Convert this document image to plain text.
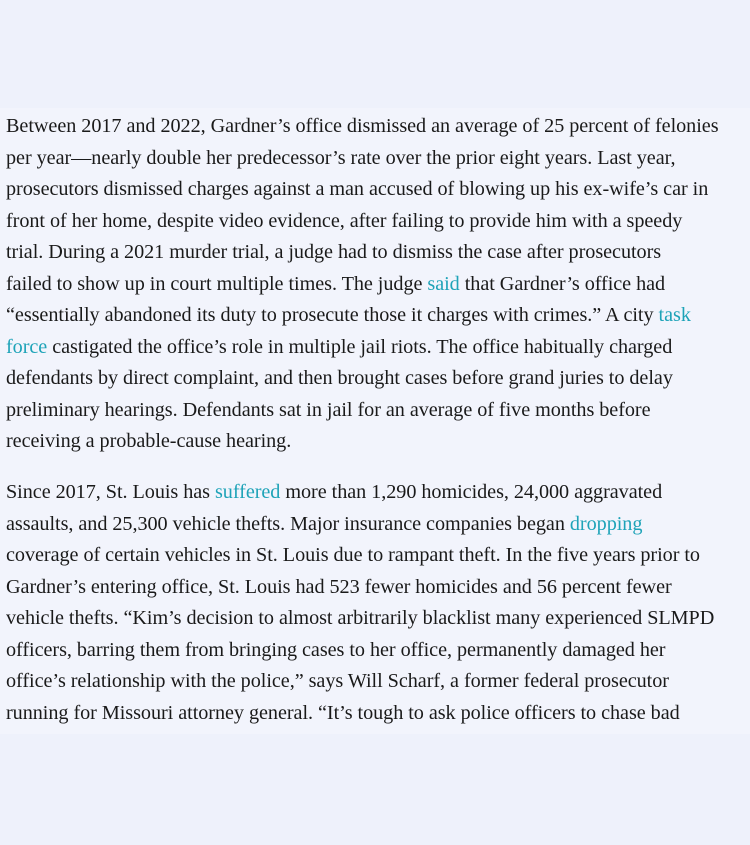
Between 2017 and 2022, Gardner’s office dismissed an average of 25 percent of felonies
per year—nearly double her predecessor’s rate over the prior eight years. Last year,
prosecutors dismissed charges against a man accused of blowing up his ex-wife’s car in
front of her home, despite video evidence, after failing to provide him with a speedy
trial. During a 2021 murder trial, a judge had to dismiss the case after prosecutors
failed to show up in court multiple times. The judge said that Gardner’s office had
“essentially abandoned its duty to prosecute those it charges with crimes.” A city task
force castigated the office’s role in multiple jail riots. The office habitually charged
defendants by direct complaint, and then brought cases before grand juries to delay
preliminary hearings. Defendants sat in jail for an average of five months before
receiving a probable-cause hearing.

Since 2017, St. Louis has suffered more than 1,290 homicides, 24,000 aggravated
assaults, and 25,300 vehicle thefts. Major insurance companies began dropping
coverage of certain vehicles in St. Louis due to rampant theft. In the five years prior to
Gardner’s entering office, St. Louis had 523 fewer homicides and 56 percent fewer
vehicle thefts. “Kim’s decision to almost arbitrarily blacklist many experienced SLMPD
officers, barring them from bringing cases to her office, permanently damaged her
office’s relationship with the police,” says Will Scharf, a former federal prosecutor
running for Missouri attorney general. “It’s tough to ask police officers to chase bad
